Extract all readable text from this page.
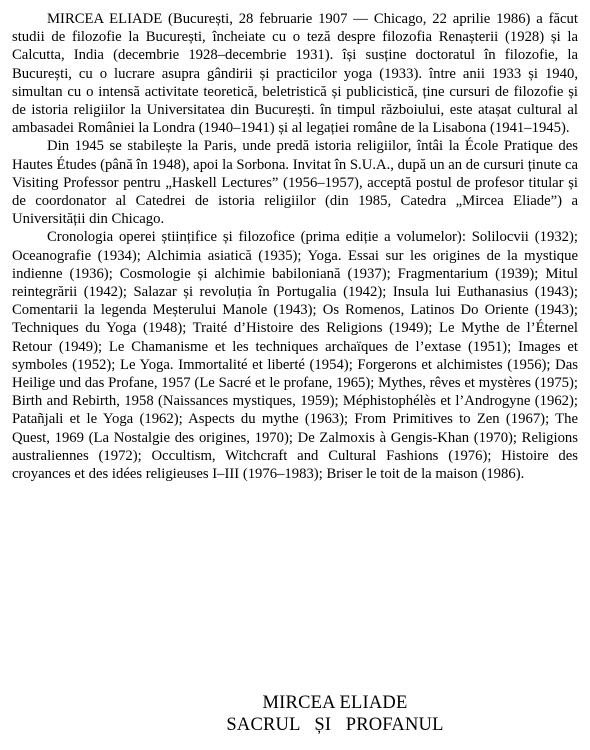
MIRCEA ELIADE (București, 28 februarie 1907 — Chicago, 22 aprilie 1986) a făcut studii de filozofie la București, încheiate cu o teză despre filozofia Renașterii (1928) și la Calcutta, India (decembrie 1928–decembrie 1931). își susține doctoratul în filozofie, la București, cu o lucrare asupra gândirii și practicilor yoga (1933). între anii 1933 și 1940, simultan cu o intensă activitate teoretică, beletristică și publicistică, ține cursuri de filozofie și de istoria religiilor la Universitatea din București. în timpul războiului, este atașat cultural al ambasadei României la Londra (1940–1941) și al legației române de la Lisabona (1941–1945).

Din 1945 se stabilește la Paris, unde predă istoria religiilor, întâi la École Pratique des Hautes Études (până în 1948), apoi la Sorbona. Invitat în S.U.A., după un an de cursuri ținute ca Visiting Professor pentru „Haskell Lectures” (1956–1957), acceptă postul de profesor titular și de coordonator al Catedrei de istoria religiilor (din 1985, Catedra „Mircea Eliade”) a Universității din Chicago.

Cronologia operei științifice și filozofice (prima ediție a volumelor): Solilocvii (1932); Oceanografie (1934); Alchimia asiatică (1935); Yoga. Essai sur les origines de la mystique indienne (1936); Cosmologie și alchimie babiloniană (1937); Fragmentarium (1939); Mitul reintegrării (1942); Salazar și revoluția în Portugalia (1942); Insula lui Euthanasius (1943); Comentarii la legenda Meșterului Manole (1943); Os Romenos, Latinos Do Oriente (1943); Techniques du Yoga (1948); Traité d’Histoire des Religions (1949); Le Mythe de l’Éternel Retour (1949); Le Chamanisme et les techniques archaïques de l’extase (1951); Images et symboles (1952); Le Yoga. Immortalité et liberté (1954); Forgerons et alchimistes (1956); Das Heilige und das Profane, 1957 (Le Sacré et le profane, 1965); Mythes, rêves et mystères (1975); Birth and Rebirth, 1958 (Naissances mystiques, 1959); Méphistophélès et l’Androgyne (1962); Patañjali et le Yoga (1962); Aspects du mythe (1963); From Primitives to Zen (1967); The Quest, 1969 (La Nostalgie des origines, 1970); De Zalmoxis à Gengis-Khan (1970); Religions australiennes (1972); Occultism, Witchcraft and Cultural Fashions (1976); Histoire des croyances et des idées religieuses I–III (1976–1983); Briser le toit de la maison (1986).

MIRCEA ELIADE
SACRUL   ȘI   PROFANUL
